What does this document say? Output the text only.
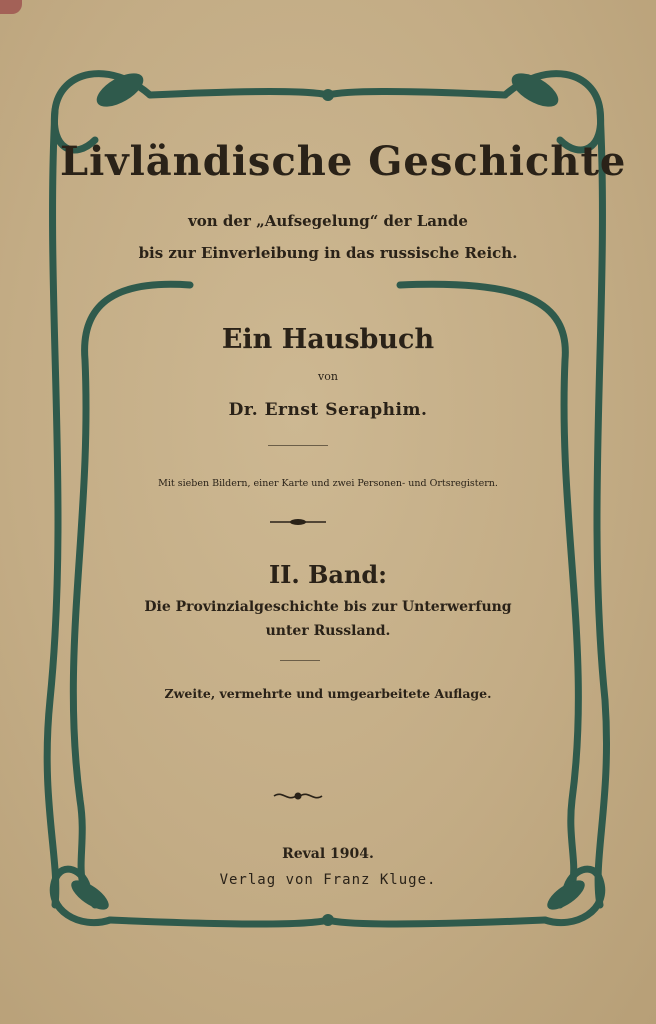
Livländische Geschichte
von der „Aufsegelung“ der Lande
bis zur Einverleibung in das russische Reich.
Ein Hausbuch
von
Dr. Ernst Seraphim.
Mit sieben Bildern, einer Karte und zwei Personen- und Ortsregistern.
II. Band:
Die Provinzialgeschichte bis zur Unterwerfung
unter Russland.
Zweite, vermehrte und umgearbeitete Auflage.
Reval 1904.
Verlag von Franz Kluge.
